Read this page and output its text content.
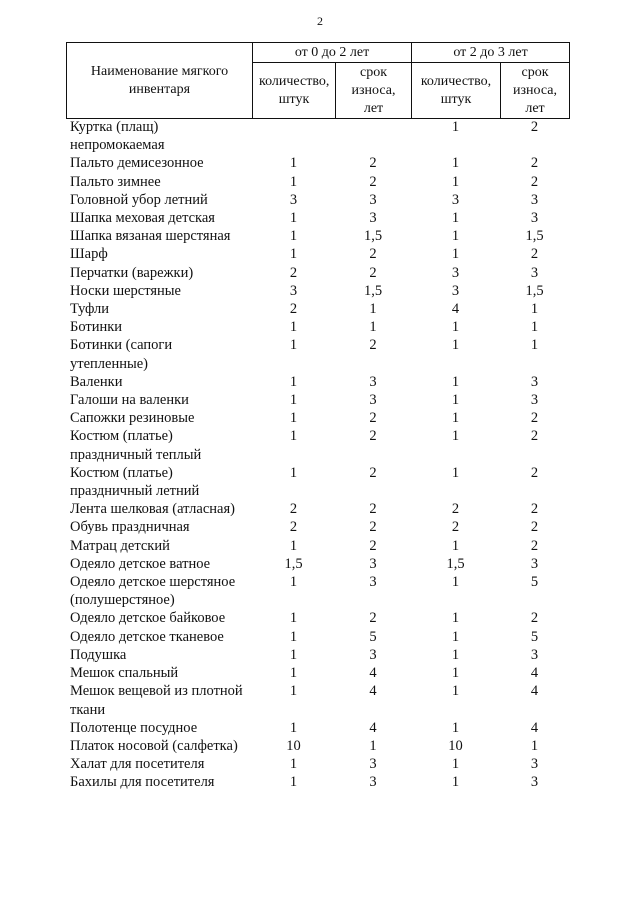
2
Наименование мягкого инвентаря	от 0 до 2 лет		от 2 до 3 лет	
	количество, штук	срок износа, лет	количество, штук	срок износа, лет
Куртка (плащ) непромокаемая			1	2
Пальто демисезонное	1	2	1	2
Пальто зимнее	1	2	1	2
Головной убор летний	3	3	3	3
Шапка меховая детская	1	3	1	3
Шапка вязаная шерстяная	1	1,5	1	1,5
Шарф	1	2	1	2
Перчатки (варежки)	2	2	3	3
Носки шерстяные	3	1,5	3	1,5
Туфли	2	1	4	1
Ботинки	1	1	1	1
Ботинки (сапоги утепленные)	1	2	1	1
Валенки	1	3	1	3
Галоши на валенки	1	3	1	3
Сапожки резиновые	1	2	1	2
Костюм (платье) праздничный теплый	1	2	1	2
Костюм (платье) праздничный летний	1	2	1	2
Лента шелковая (атласная)	2	2	2	2
Обувь праздничная	2	2	2	2
Матрац детский	1	2	1	2
Одеяло детское ватное	1,5	3	1,5	3
Одеяло детское шерстяное (полушерстяное)	1	3	1	5
Одеяло детское байковое	1	2	1	2
Одеяло детское тканевое	1	5	1	5
Подушка	1	3	1	3
Мешок спальный	1	4	1	4
Мешок вещевой из плотной ткани	1	4	1	4
Полотенце посудное	1	4	1	4
Платок носовой (салфетка)	10	1	10	1
Халат для посетителя	1	3	1	3
Бахилы для посетителя	1	3	1	3
